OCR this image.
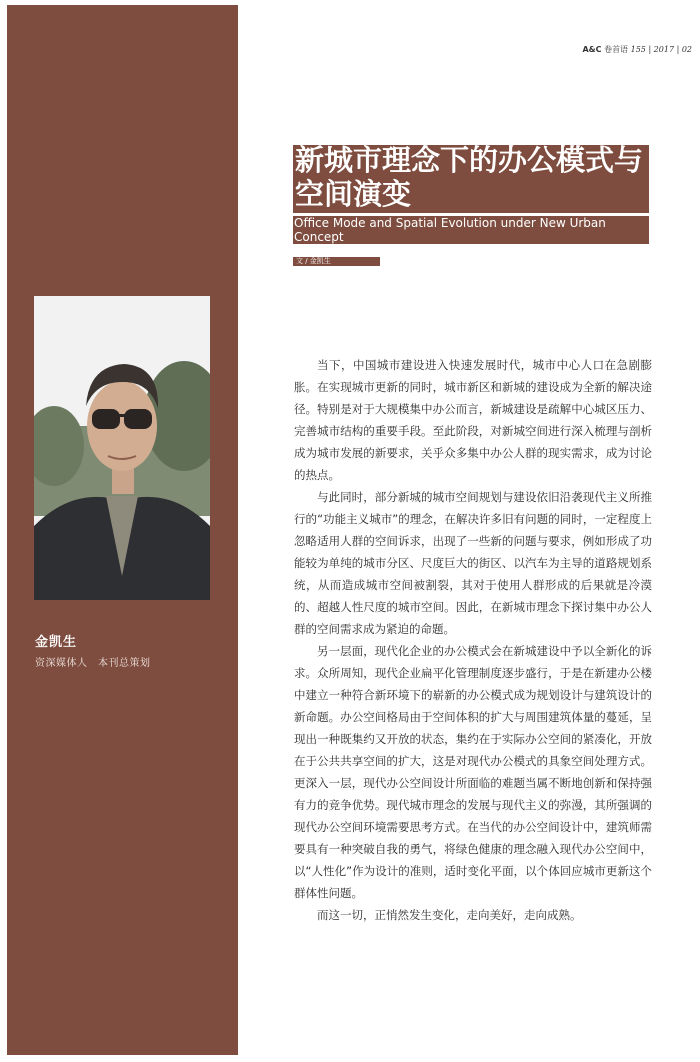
金凯生
资深媒体人　本刊总策划
A&C 卷首语 155 | 2017 | 02
新城市理念下的办公模式与空间演变

Office Mode and Spatial Evolution under New Urban Concept

文 / 金凯生

当下，中国城市建设进入快速发展时代，城市中心人口在急剧膨胀。在实现城市更新的同时，城市新区和新城的建设成为全新的解决途径。特别是对于大规模集中办公而言，新城建设是疏解中心城区压力、完善城市结构的重要手段。至此阶段，对新城空间进行深入梳理与剖析成为城市发展的新要求，关乎众多集中办公人群的现实需求，成为讨论的热点。

与此同时，部分新城的城市空间规划与建设依旧沿袭现代主义所推行的“功能主义城市”的理念，在解决许多旧有问题的同时，一定程度上忽略适用人群的空间诉求，出现了一些新的问题与要求，例如形成了功能较为单纯的城市分区、尺度巨大的街区、以汽车为主导的道路规划系统，从而造成城市空间被割裂，其对于使用人群形成的后果就是冷漠的、超越人性尺度的城市空间。因此，在新城市理念下探讨集中办公人群的空间需求成为紧迫的命题。

另一层面，现代化企业的办公模式会在新城建设中予以全新化的诉求。众所周知，现代企业扁平化管理制度逐步盛行，于是在新建办公楼中建立一种符合新环境下的崭新的办公模式成为规划设计与建筑设计的新命题。办公空间格局由于空间体积的扩大与周围建筑体量的蔓延，呈现出一种既集约又开放的状态，集约在于实际办公空间的紧凑化，开放在于公共共享空间的扩大，这是对现代办公模式的具象空间处理方式。更深入一层，现代办公空间设计所面临的难题当属不断地创新和保持强有力的竞争优势。现代城市理念的发展与现代主义的弥漫，其所强调的现代办公空间环境需要思考方式。在当代的办公空间设计中，建筑师需要具有一种突破自我的勇气，将绿色健康的理念融入现代办公空间中，以“人性化”作为设计的准则，适时变化平面，以个体回应城市更新这个群体性问题。

而这一切，正悄然发生变化，走向美好，走向成熟。
